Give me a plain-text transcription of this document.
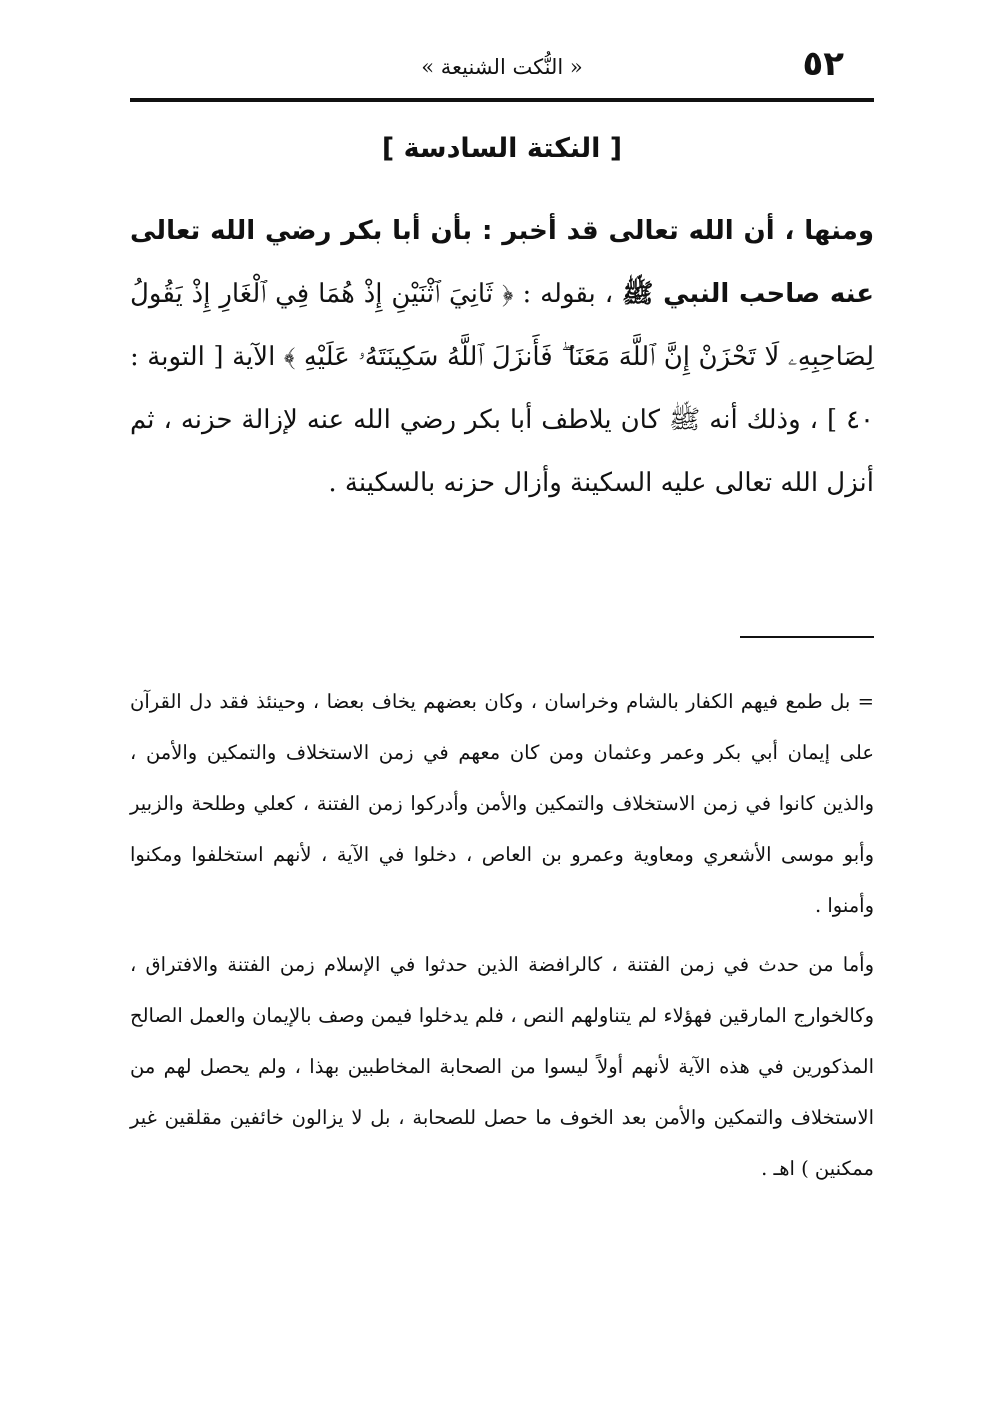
٥٢
« النُّكت الشنيعة »
[ النكتة السادسة ]

ومنها ، أن الله تعالى قد أخبر : بأن أبا بكر رضي الله تعالى عنه صاحب النبي ﷺ ، بقوله : ﴿ ثَانِيَ ٱثْنَيْنِ إِذْ هُمَا فِي ٱلْغَارِ إِذْ يَقُولُ لِصَاحِبِهِۦ لَا تَحْزَنْ إِنَّ ٱللَّهَ مَعَنَا ۖ فَأَنزَلَ ٱللَّهُ سَكِينَتَهُۥ عَلَيْهِ ﴾ الآية [ التوبة : ٤٠ ] ، وذلك أنه ﷺ كان يلاطف أبا بكر رضي الله عنه لإزالة حزنه ، ثم أنزل الله تعالى عليه السكينة وأزال حزنه بالسكينة .

= بل طمع فيهم الكفار بالشام وخراسان ، وكان بعضهم يخاف بعضا ، وحينئذ فقد دل القرآن على إيمان أبي بكر وعمر وعثمان ومن كان معهم في زمن الاستخلاف والتمكين والأمن ، والذين كانوا في زمن الاستخلاف والتمكين والأمن وأدركوا زمن الفتنة ، كعلي وطلحة والزبير وأبو موسى الأشعري ومعاوية وعمرو بن العاص ، دخلوا في الآية ، لأنهم استخلفوا ومكنوا وأمنوا .

وأما من حدث في زمن الفتنة ، كالرافضة الذين حدثوا في الإسلام زمن الفتنة والافتراق ، وكالخوارج المارقين فهؤلاء لم يتناولهم النص ، فلم يدخلوا فيمن وصف بالإيمان والعمل الصالح المذكورين في هذه الآية لأنهم أولاً ليسوا من الصحابة المخاطبين بهذا ، ولم يحصل لهم من الاستخلاف والتمكين والأمن بعد الخوف ما حصل للصحابة ، بل لا يزالون خائفين مقلقين غير ممكنين ) اهـ .
